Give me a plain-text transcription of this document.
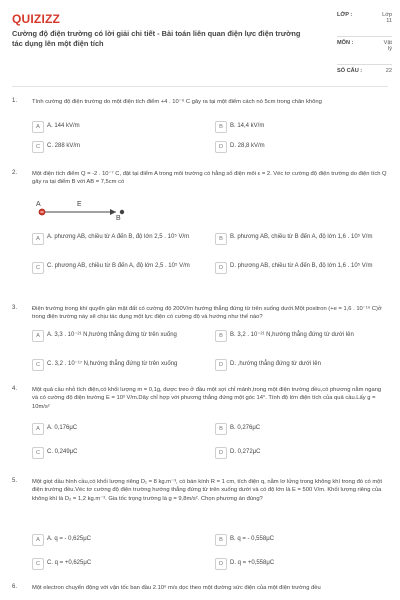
QUIZIZZ
Cường độ điện trường có lời giải chi tiết - Bài toán liên quan điện lực điện trường tác dụng lên một điện tích
LỚP :	Lớp
11
MÔN :	Vật
lý
SỐ CÂU :	22
1.	Tính cường độ điện trường do một điện tích điểm +4 . 10⁻⁹ C gây ra tại một điểm cách nó 5cm trong chân không
A	A. 144 kV/m	B	B. 14,4 kV/m
C	C. 288 kV/m	D	D. 28,8 kV/m
2.	Một điện tích điểm Q = -2 . 10⁻⁷ C, đặt tại điểm A trong môi trường có hằng số điện môi ε = 2. Véc tơ cường độ điện trường do điện tích Q gây ra tại điểm B với AB = 7,5cm có
A	E
B
A	A. phương AB, chiều từ A đến B, độ lớn 2,5 . 10⁵ V/m	B	B. phương AB, chiều từ B đến A, độ lớn 1,6 . 10⁵ V/m
C	C. phương AB, chiều từ B đến A, độ lớn 2,5 . 10⁵ V/m	D	D. phương AB, chiều từ A đến B, độ lớn 1,6 . 10⁵ V/m
3.	Điện trường trong khí quyển gần mặt đất có cường độ 200V/m hướng thẳng đứng từ trên xuống dưới.Một positron (+e = 1,6 . 10⁻¹⁹ C)ở trong điện trường này sẽ chịu tác dụng một lực điện có cường độ và hướng như thế nào?
A	A. 3,3 . 10⁻²¹ N,hướng thẳng đứng từ trên xuống	B	B. 3,2 . 10⁻²¹ N,hướng thẳng đứng từ dưới lên
C	C. 3,2 . 10⁻¹⁷ N,hướng thẳng đứng từ trên xuống	D	D. ,hướng thẳng đứng từ dưới lên
4.	Một quả cầu nhỏ tích điện,có khối lượng m = 0,1g, được treo ở đầu một sợi chỉ mảnh,trong một điện trường đều,có phương nằm ngang và có cường độ điện trường E = 10³ V/m.Dây chỉ hợp với phương thẳng đứng một góc 14°. Tính độ lớn điện tích của quả cầu.Lấy g = 10m/s²
A	A. 0,176μC	B	B. 0,276μC
C	C. 0,249μC	D	D. 0,272μC
5.	Một giọt dầu hình cầu,có khối lượng riêng D₁ = 8 kg.m⁻³, có bán kính R = 1 cm, tích điện q, nằm lơ lửng trong không khí trong đó có một điện trường đều.Véc tơ cường độ điện trường hướng thẳng đứng từ trên xuống dưới và có độ lớn là E = 500 V/m. Khối lượng riêng của không khí là D₂ = 1,2 kg.m⁻³. Gia tốc trọng trường là g = 9,8m/s². Chọn phương án đúng?
A	A. q = - 0,625μC	B	B. q = - 0,558μC
C	C. q = +0,625μC	D	D. q = +0,558μC
6.	Một electron chuyển động với vận tốc ban đầu 2.10⁶ m/s dọc theo một đường sức điện của một điện trường đều
